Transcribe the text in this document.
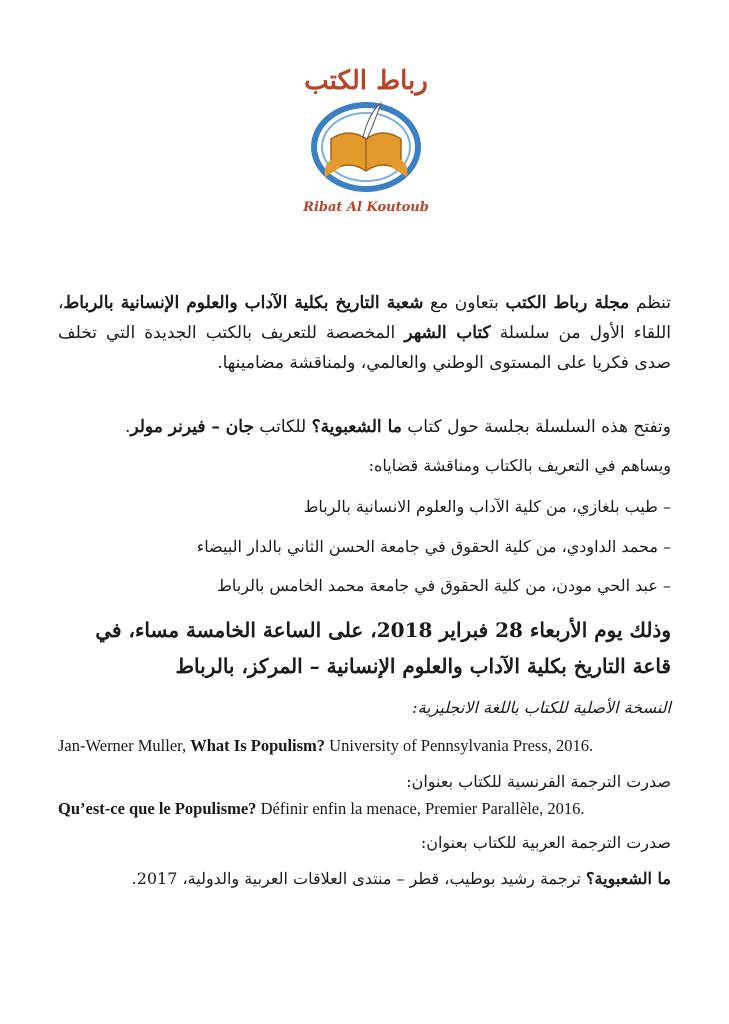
رباط الكتب
Ribat Al Koutoub
تنظم مجلة رباط الكتب بتعاون مع شعبة التاريخ بكلية الآداب والعلوم الإنسانية بالرباط، اللقاء الأول من سلسلة كتاب الشهر المخصصة للتعريف بالكتب الجديدة التي تخلف صدى فكريا على المستوى الوطني والعالمي، ولمناقشة مضامينها.
وتفتح هذه السلسلة بجلسة حول كتاب ما الشعبوية؟ للكاتب جان – فيرنر مولر.
ويساهم في التعريف بالكتاب ومناقشة قضاياه:
– طيب بلغازي، من كلية الآداب والعلوم الانسانية بالرباط
– محمد الداودي، من كلية الحقوق في جامعة الحسن الثاني بالدار البيضاء
– عبد الحي مودن، من كلية الحقوق في جامعة محمد الخامس بالرباط
وذلك يوم الأربعاء 28 فبراير 2018، على الساعة الخامسة مساء، في قاعة التاريخ بكلية الآداب والعلوم الإنسانية – المركز، بالرباط
النسخة الأصلية للكتاب باللغة الانجليزية:
Jan-Werner Muller, What Is Populism? University of Pennsylvania Press, 2016.
صدرت الترجمة الفرنسية للكتاب بعنوان:
Qu’est-ce que le Populisme? Définir enfin la menace, Premier Parallèle, 2016.
صدرت الترجمة العربية للكتاب بعنوان:
ما الشعبوية؟ ترجمة رشيد بوطيب، قطر – منتدى العلاقات العربية والدولية، 2017.
